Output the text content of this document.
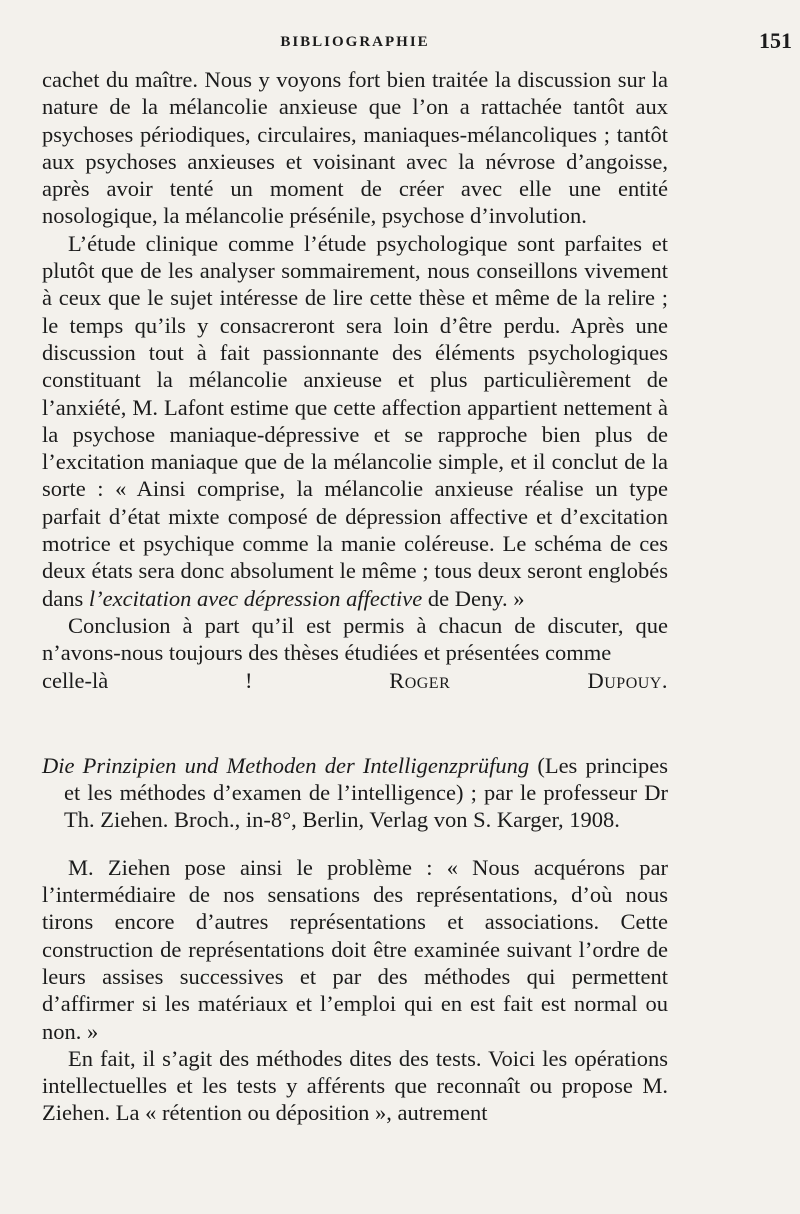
BIBLIOGRAPHIE	151

cachet du maître. Nous y voyons fort bien traitée la discussion sur la nature de la mélancolie anxieuse que l’on a rattachée tantôt aux psychoses périodiques, circulaires, maniaques-mélancoliques ; tantôt aux psychoses anxieuses et voisinant avec la névrose d’angoisse, après avoir tenté un moment de créer avec elle une entité nosologique, la mélancolie présénile, psychose d’involution.

L’étude clinique comme l’étude psychologique sont parfaites et plutôt que de les analyser sommairement, nous conseillons vivement à ceux que le sujet intéresse de lire cette thèse et même de la relire ; le temps qu’ils y consacreront sera loin d’être perdu. Après une discussion tout à fait passionnante des éléments psychologiques constituant la mélancolie anxieuse et plus particulièrement de l’anxiété, M. Lafont estime que cette affection appartient nettement à la psychose maniaque-dépressive et se rapproche bien plus de l’excitation maniaque que de la mélancolie simple, et il conclut de la sorte : « Ainsi comprise, la mélancolie anxieuse réalise un type parfait d’état mixte composé de dépression affective et d’excitation motrice et psychique comme la manie coléreuse. Le schéma de ces deux états sera donc absolument le même ; tous deux seront englobés dans l’excitation avec dépression affective de Deny. »

Conclusion à part qu’il est permis à chacun de discuter, que n’avons-nous toujours des thèses étudiées et présentées comme

celle-là !	Roger Dupouy.

Die Prinzipien und Methoden der Intelligenzprüfung (Les principes et les méthodes d’examen de l’intelligence) ; par le professeur Dr Th. Ziehen. Broch., in-8°, Berlin, Verlag von S. Karger, 1908.

M. Ziehen pose ainsi le problème : « Nous acquérons par l’intermédiaire de nos sensations des représentations, d’où nous tirons encore d’autres représentations et associations. Cette construction de représentations doit être examinée suivant l’ordre de leurs assises successives et par des méthodes qui permettent d’affirmer si les matériaux et l’emploi qui en est fait est normal ou non. »

En fait, il s’agit des méthodes dites des tests. Voici les opérations intellectuelles et les tests y afférents que reconnaît ou propose M. Ziehen. La « rétention ou déposition », autrement
